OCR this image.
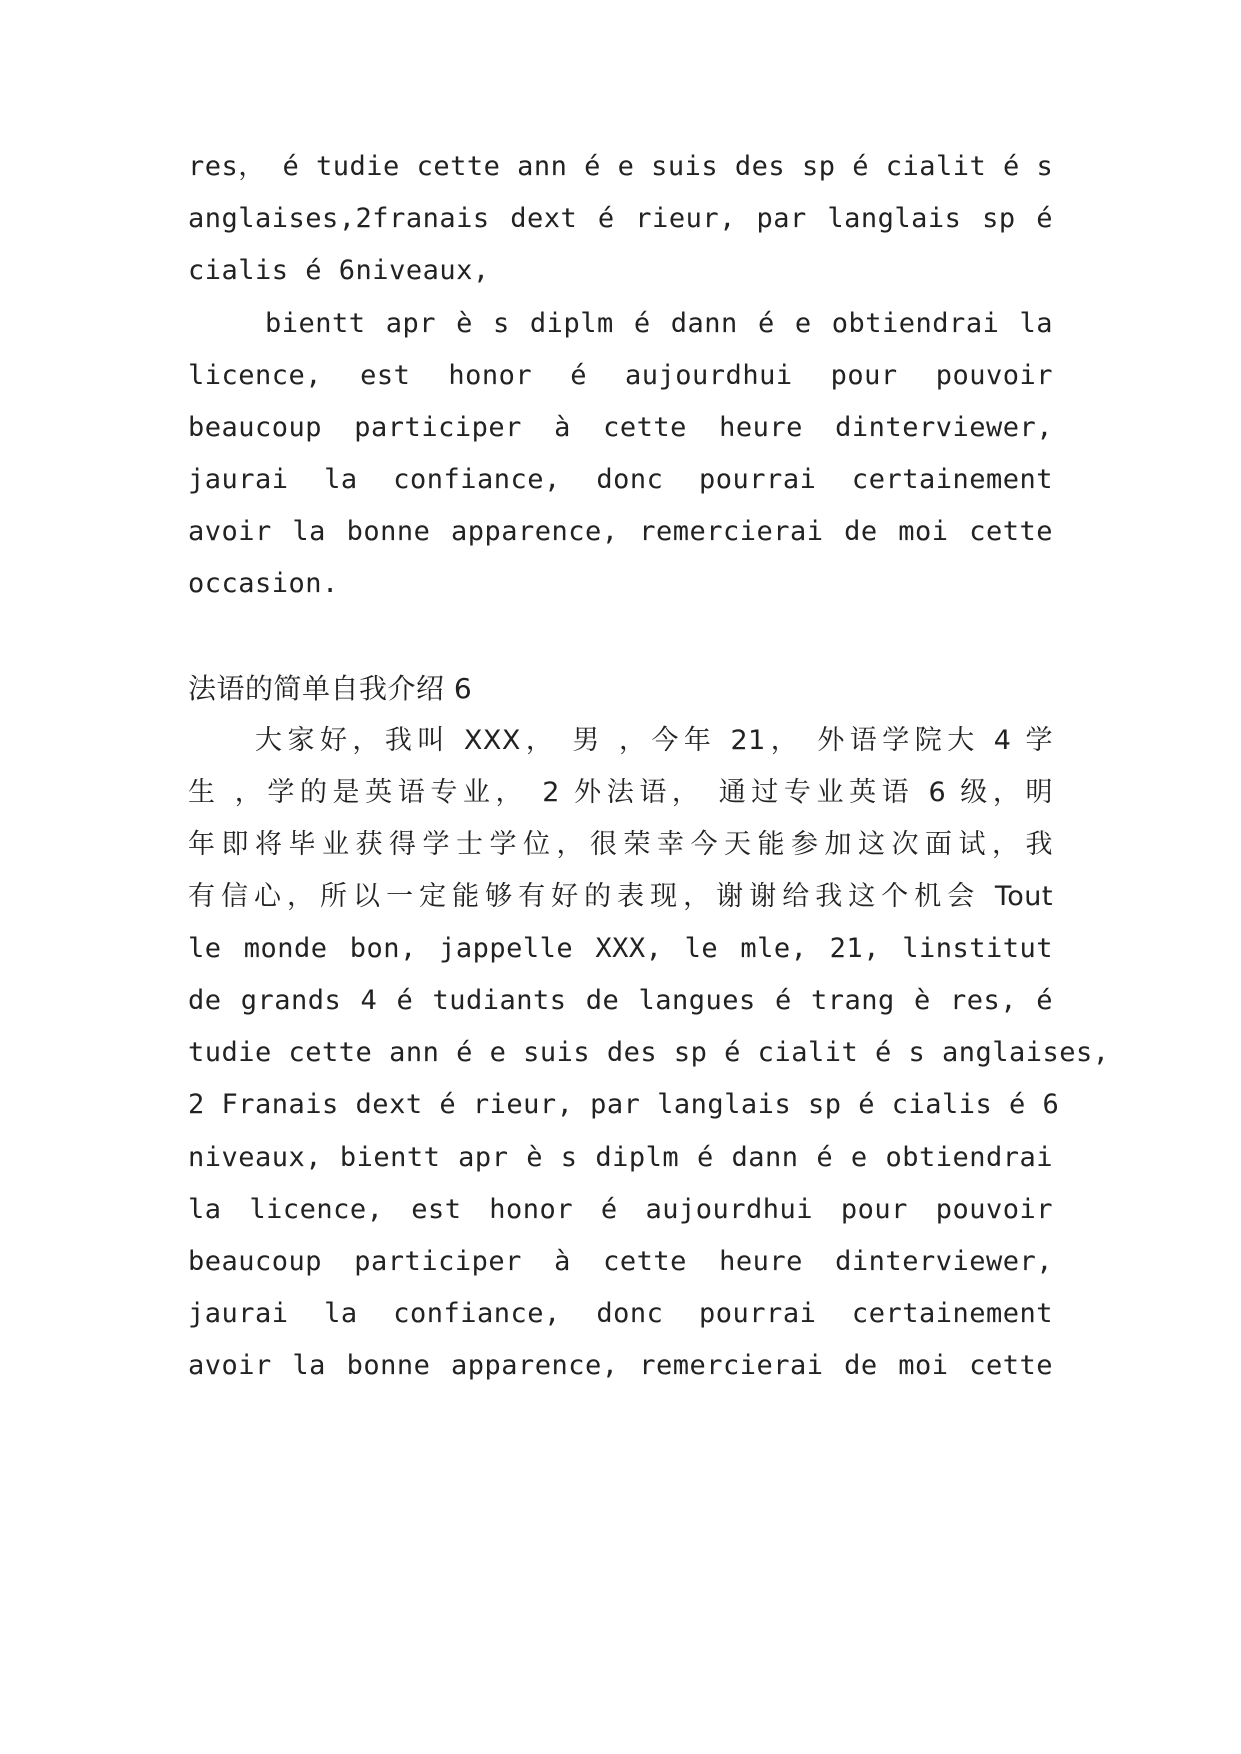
res， é tudie cette ann é e suis des sp é cialit é s
anglaises,2franais dext é rieur, par langlais sp é
cialis é 6niveaux,
bientt apr è s diplm é dann é e obtiendrai la
licence, est honor é aujourdhui pour pouvoir
beaucoup participer à cette heure dinterviewer,
jaurai la confiance, donc pourrai certainement
avoir la bonne apparence, remercierai de moi cette
occasion.
法语的简单自我介绍 6
大家好，我叫 XXX， 男 ，今年 21， 外语学院大 4 学
生 ，学的是英语专业， 2 外法语， 通过专业英语 6 级，明
年即将毕业获得学士学位，很荣幸今天能参加这次面试，我
有信心，所以一定能够有好的表现，谢谢给我这个机会 Tout
le monde bon, jappelle XXX, le mle, 21, linstitut
de grands 4 é tudiants de langues é trang è res, é
tudie cette ann é e suis des sp é cialit é s anglaises,
2 Franais dext é rieur, par langlais sp é cialis é 6
niveaux, bientt apr è s diplm é dann é e obtiendrai
la licence, est honor é aujourdhui pour pouvoir
beaucoup participer à cette heure dinterviewer,
jaurai la confiance, donc pourrai certainement
avoir la bonne apparence, remercierai de moi cette
